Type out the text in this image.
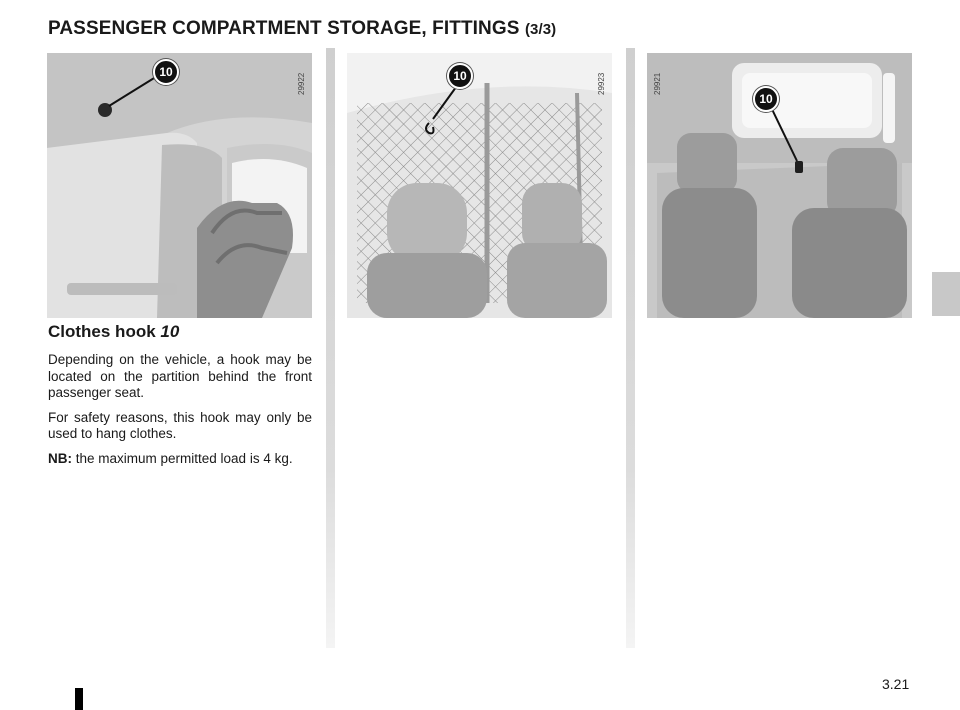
PASSENGER COMPARTMENT STORAGE, FITTINGS (3/3)
10
29922	10	29923
10
29921
Clothes hook 10

Depending on the vehicle, a hook may be located on the partition behind the front passenger seat.

For safety reasons, this hook may only be used to hang clothes.

NB: the maximum permitted load is 4 kg.

3.21
